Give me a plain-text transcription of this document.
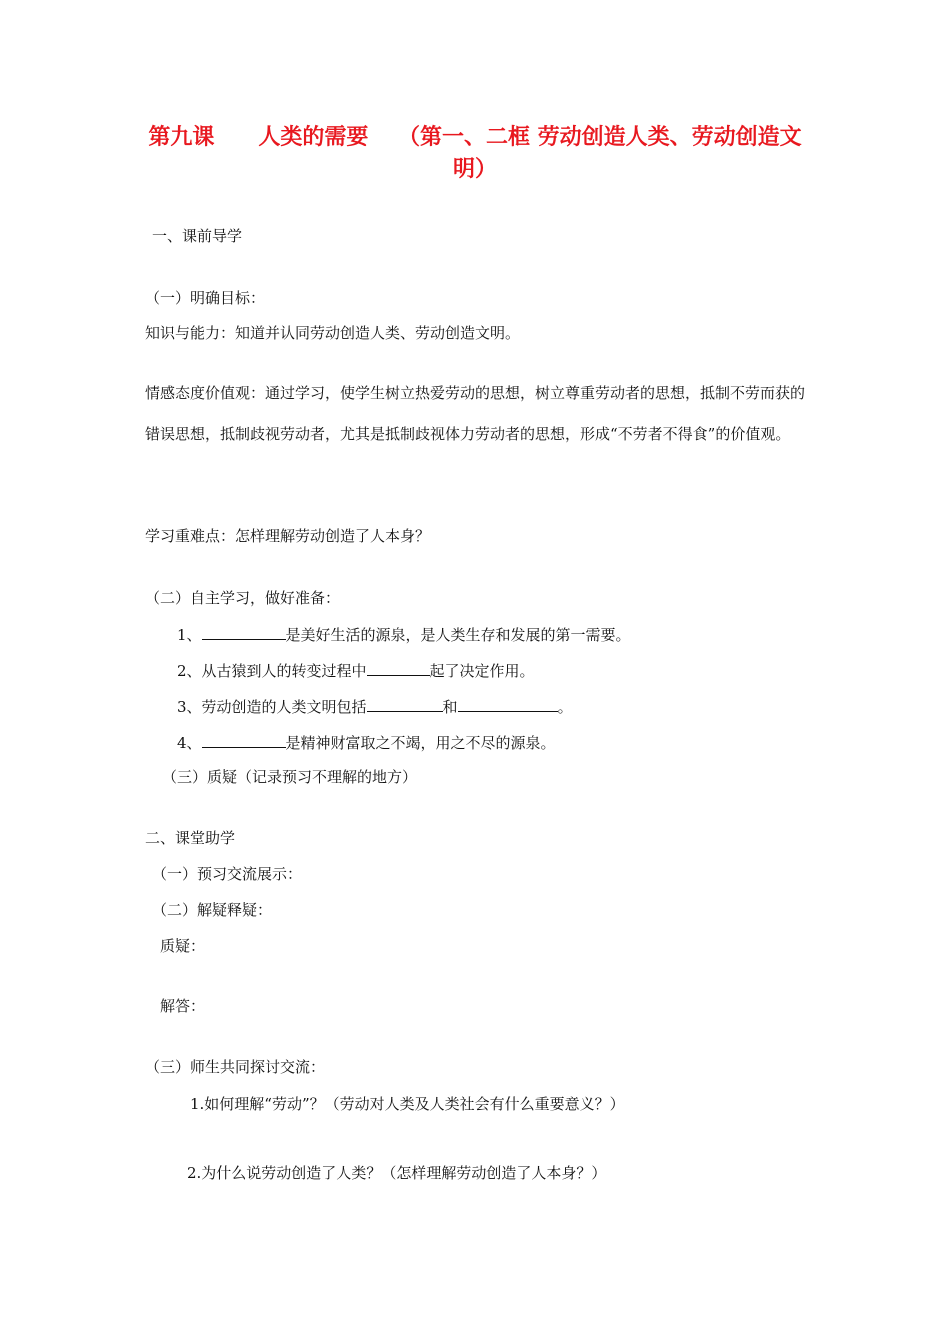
第九课　　人类的需要　 （第一、二框 劳动创造人类、劳动创造文明）
一、课前导学
（一）明确目标：
知识与能力：知道并认同劳动创造人类、劳动创造文明。
情感态度价值观：通过学习，使学生树立热爱劳动的思想，树立尊重劳动者的思想，抵制不劳而获的错误思想，抵制歧视劳动者，尤其是抵制歧视体力劳动者的思想，形成“不劳者不得食”的价值观。
学习重难点：怎样理解劳动创造了人本身？
（二）自主学习，做好准备：
1、	是美好生活的源泉，是人类生存和发展的第一需要。
2、从古猿到人的转变过程中	起了决定作用。
3、劳动创造的人类文明包括	和	。
4、	是精神财富取之不竭，用之不尽的源泉。
（三）质疑（记录预习不理解的地方）
二、课堂助学
（一）预习交流展示：
（二）解疑释疑：
质疑：
解答：
（三）师生共同探讨交流：
1.如何理解“劳动”？（劳动对人类及人类社会有什么重要意义？）
2.为什么说劳动创造了人类？（怎样理解劳动创造了人本身？）
